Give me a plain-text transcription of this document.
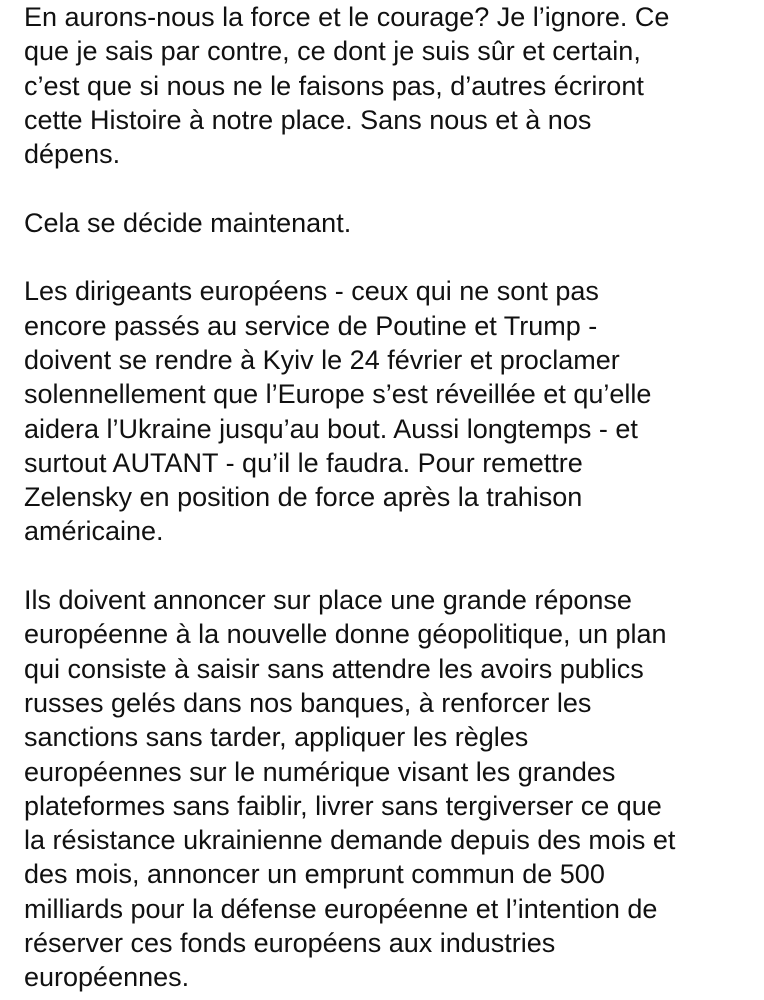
En aurons-nous la force et le courage? Je l’ignore. Ce
que je sais par contre, ce dont je suis sûr et certain,
c’est que si nous ne le faisons pas, d’autres écriront
cette Histoire à notre place. Sans nous et à nos
dépens.
Cela se décide maintenant.
Les dirigeants européens - ceux qui ne sont pas
encore passés au service de Poutine et Trump -
doivent se rendre à Kyiv le 24 février et proclamer
solennellement que l’Europe s’est réveillée et qu’elle
aidera l’Ukraine jusqu’au bout. Aussi longtemps - et
surtout AUTANT - qu’il le faudra. Pour remettre
Zelensky en position de force après la trahison
américaine.
Ils doivent annoncer sur place une grande réponse
européenne à la nouvelle donne géopolitique, un plan
qui consiste à saisir sans attendre les avoirs publics
russes gelés dans nos banques, à renforcer les
sanctions sans tarder, appliquer les règles
européennes sur le numérique visant les grandes
plateformes sans faiblir, livrer sans tergiverser ce que
la résistance ukrainienne demande depuis des mois et
des mois, annoncer un emprunt commun de 500
milliards pour la défense européenne et l’intention de
réserver ces fonds européens aux industries
européennes.
